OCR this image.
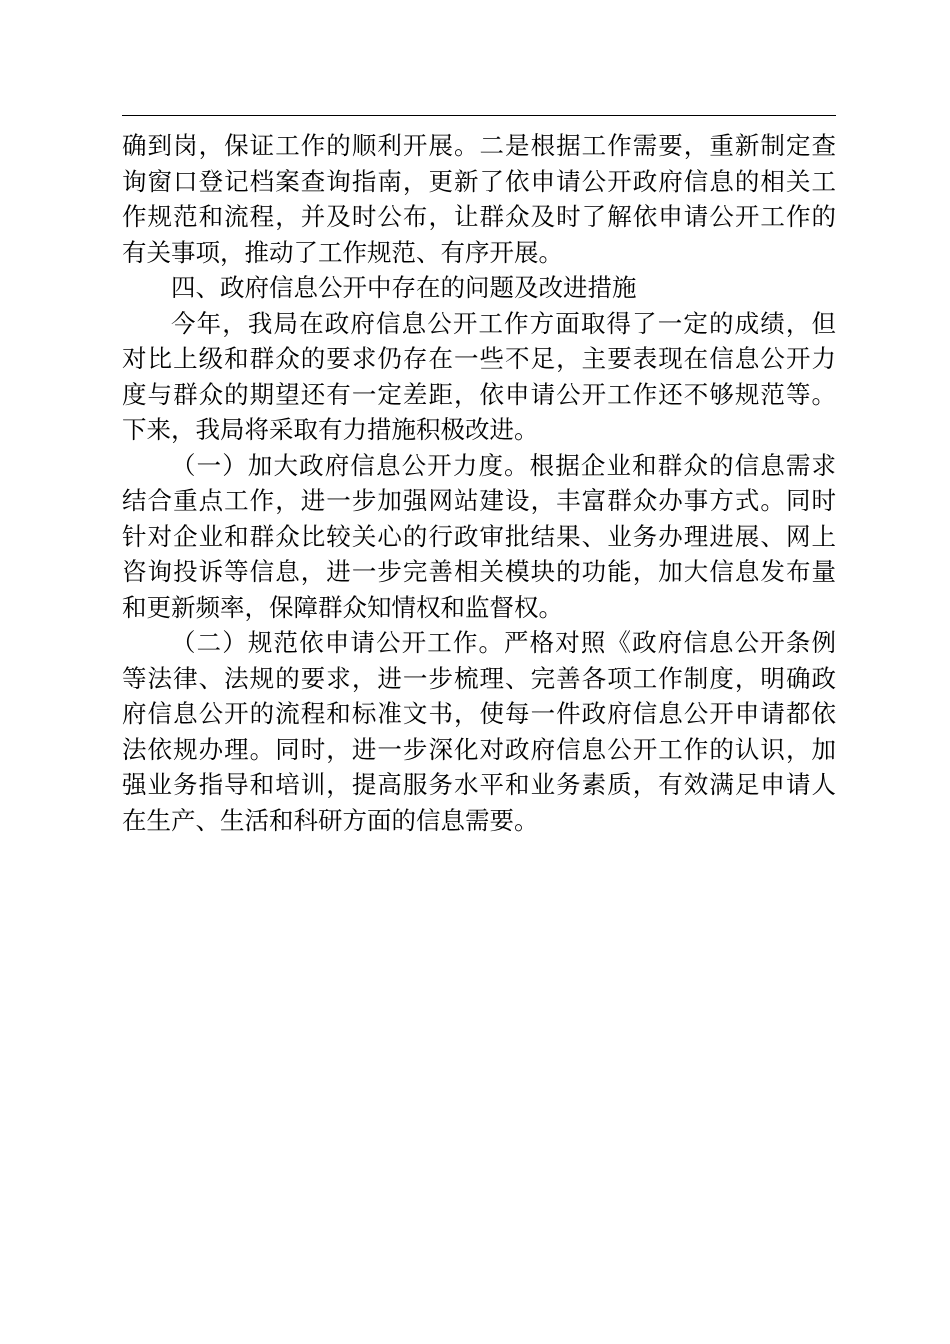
确到岗，保证工作的顺利开展。二是根据工作需要，重新制定查
询窗口登记档案查询指南，更新了依申请公开政府信息的相关工
作规范和流程，并及时公布，让群众及时了解依申请公开工作的
有关事项，推动了工作规范、有序开展。
四、政府信息公开中存在的问题及改进措施
今年，我局在政府信息公开工作方面取得了一定的成绩，但
对比上级和群众的要求仍存在一些不足，主要表现在信息公开力
度与群众的期望还有一定差距，依申请公开工作还不够规范等。
下来，我局将采取有力措施积极改进。
（一）加大政府信息公开力度。根据企业和群众的信息需求
结合重点工作，进一步加强网站建设，丰富群众办事方式。同时
针对企业和群众比较关心的行政审批结果、业务办理进展、网上
咨询投诉等信息，进一步完善相关模块的功能，加大信息发布量
和更新频率，保障群众知情权和监督权。
（二）规范依申请公开工作。严格对照《政府信息公开条例
等法律、法规的要求，进一步梳理、完善各项工作制度，明确政
府信息公开的流程和标准文书，使每一件政府信息公开申请都依
法依规办理。同时，进一步深化对政府信息公开工作的认识，加
强业务指导和培训，提高服务水平和业务素质，有效满足申请人
在生产、生活和科研方面的信息需要。
